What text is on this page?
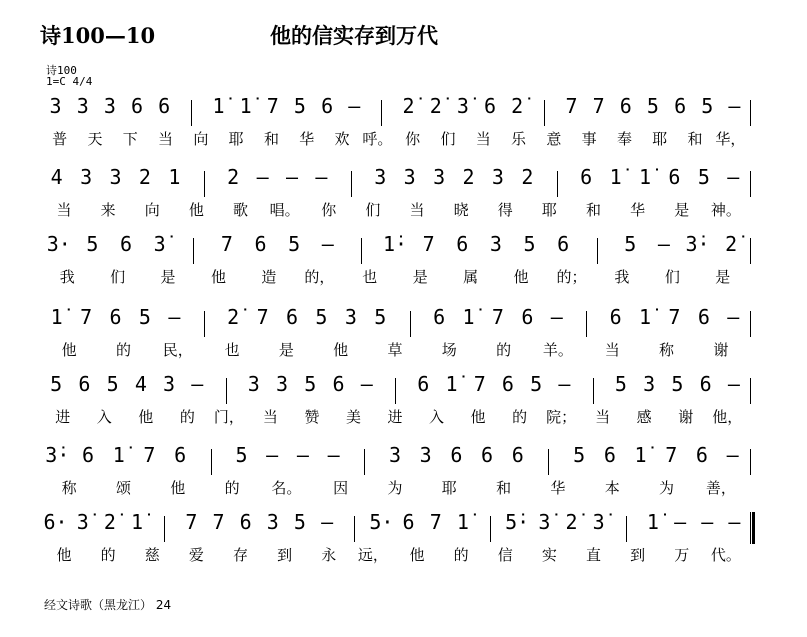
诗100—10	他的信实存到万代
诗100
1=C 4/4
3 3 3 6 6	1̇ 1̇ 7 5 6 –	2̇ 2̇ 3̇ 6 2̇	7 7 6 5 6 5 –
普	天	下	当	向	耶	和	华	欢 呼。 你	们	当	乐	意	事	奉	耶	和 华，
4 3 3 2 1	2 – – –	3 3 3 2 3 2	6 1̇ 1̇ 6 5 –
当	来	向	他	歌	唱。	你	们	当	晓	得	耶	和	华	是	神。
3· 5	6	3̇	7	6	5	–	1̇· 7	6	3	5	6	5	– 3̇· 2̇
我	们	是	他	造	的，	也	是	属	他	的；	我	们	是
1̇ 7 6 5 –	2̇ 7 6 5 3 5	6 1̇ 7 6 –	6 1̇ 7 6 –
他	的	民，	也	是	他	草	场	的	羊。	当	称	谢
5 6 5 4 3 –	3 3 5 6 –	6 1̇ 7 6 5 –	5 3 5 6 –
进	入	他	的	门，	当	赞	美	进	入	他	的	院；	当	感	谢	他，
3̇· 6 1̇ 7 6	5 – – –	3 3 6 6 6	5 6 1̇ 7 6 –
称	颂	他	的	名。	因	为	耶	和	华	本	为	善，
6· 3̇ 2̇ 1̇	7 7 6 3 5 –	5· 6 7 1̇	5̇· 3̇ 2̇ 3̇	1̇ – – –
他	的	慈	爱	存	到	永	远，	他	的	信	实	直	到	万	代。
经文诗歌（黑龙江） 24
